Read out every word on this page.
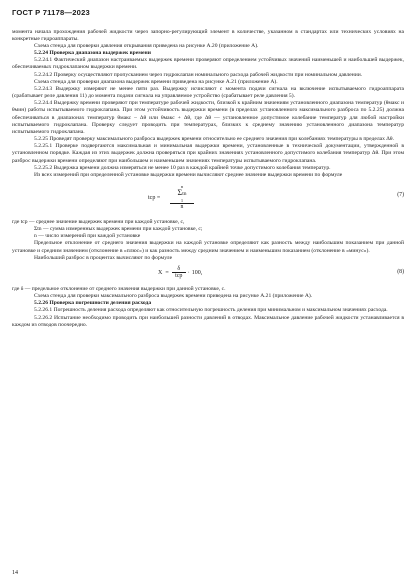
ГОСТ Р 71178—2023

момента начала прохождения рабочей жидкости через запорно-регулирующий элемент в количестве, указанном в стандартах или технических условиях на конкретные гидроаппараты.

Схема стенда для проверки давления открывания приведена на рисунке А.20 (приложение А).

5.2.24 Проверка диапазона выдержек времени

5.2.24.1 Фактический диапазон настраиваемых выдержек времени проверяют определением устойчивых значений наименьшей и наибольшей выдержек, обеспечиваемых гидроклапаном выдержки времени.

5.2.24.2 Проверку осуществляют пропусканием через гидроклапан номинального расхода рабочей жидкости при номинальном давлении.

Схема стенда для проверки диапазона выдержек времени приведена на рисунке А.21 (приложение А).

5.2.24.3 Выдержку измеряют не менее пяти раз. Выдержку исчисляют с момента подачи сигнала на включение испытываемого гидроаппарата (срабатывает реле давления 11) до момента подачи сигнала на управляемое устройство (срабатывает реле давления 5).

5.2.24.4 Выдержку времени проверяют при температуре рабочей жидкости, близкой к крайним значениям установленного диапазона температур (θмакс и θмин) работы испытываемого гидроклапана. При этом устойчивость выдержки времени (в пределах установленного максимального разброса по 5.2.25) должна обеспечиваться в диапазонах температур θмакс – Δθ или θмакс + Δθ, где Δθ — установленное допустимое колебание температур для любой настройки испытываемого гидроклапана. Проверку следует проводить при температурах, близких к среднему значению установленного диапазона температур испытываемого гидроклапана.

5.2.25 Проведят проверку максимального разброса выдержек времени относительно ее среднего значения при колебаниях температуры в пределах Δθ.

5.2.25.1 Проверке подвергаются максимальная и минимальная выдержки времени, установленные в технической документации, утвержденной в установленном порядке. Каждая из этих выдержек должна проверяться при крайних значениях установленного допустимого колебания температур Δθ. При этом разброс выдержки времени определяют при наибольшем и наименьшем значениях температуры испытываемого гидроклапана.

5.2.25.2 Выдержка времени должна измеряться не менее 10 раз в каждой крайней точке допустимого колебания температур.

Из всех измерений при определенной установке выдержки времени вычисляют среднее значение выдержки времени по формуле

tср =
n
Σtn
1
n
(7)

где tср — среднее значение выдержек времени при каждой установке, с,

Σtn — сумма измеренных выдержек времени при каждой установке, с;

n — число измерений при каждой установке

Предельное отклонение от среднего значения выдержки на каждой установке определяют как разность между наибольшим показанием при данной установке и средним значением (отклонение в «плюс») и как разность между средним значением и наименьшим показанием (отклонение в «минус»).

Наибольший разброс в процентах вычисляют по формуле

X =
δ
tср · 100,	(8)

где δ — предельное отклонение от среднего значения выдержки при данной установке, с.

Схема стенда для проверки максимального разброса выдержек времени приведена на рисунке А.21 (приложение А).

5.2.26 Проверка погрешности деления расхода

5.2.26.1 Погрешность деления расхода определяют как относительную погрешность деления при минимальном и максимальном значениях расхода.

5.2.26.2 Испытание необходимо проводить при наибольшей разности давлений в отводах. Максимальное давление рабочей жидкости устанавливается в каждом из отводов поочередно.

14
